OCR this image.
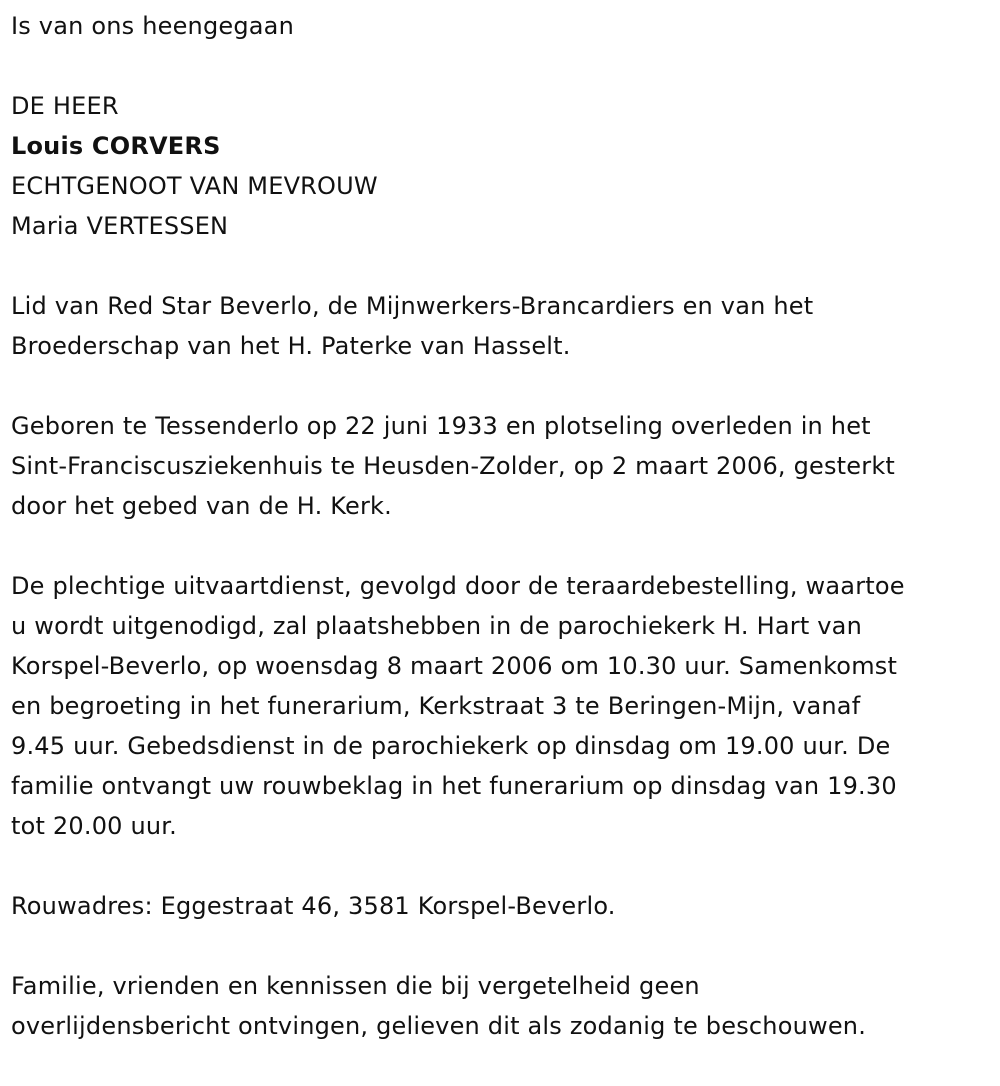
Is van ons heengegaan

DE HEER

Louis CORVERS

ECHTGENOOT VAN MEVROUW

Maria VERTESSEN

Lid van Red Star Beverlo, de Mijnwerkers-Brancardiers en van het

Broederschap van het H. Paterke van Hasselt.

Geboren te Tessenderlo op 22 juni 1933 en plotseling overleden in het

Sint-Franciscusziekenhuis te Heusden-Zolder, op 2 maart 2006, gesterkt

door het gebed van de H. Kerk.

De plechtige uitvaartdienst, gevolgd door de teraardebestelling, waartoe

u wordt uitgenodigd, zal plaatshebben in de parochiekerk H. Hart van

Korspel-Beverlo, op woensdag 8 maart 2006 om 10.30 uur. Samenkomst

en begroeting in het funerarium, Kerkstraat 3 te Beringen-Mijn, vanaf

9.45 uur. Gebedsdienst in de parochiekerk op dinsdag om 19.00 uur. De

familie ontvangt uw rouwbeklag in het funerarium op dinsdag van 19.30

tot 20.00 uur.

Rouwadres: Eggestraat 46, 3581 Korspel-Beverlo.

Familie, vrienden en kennissen die bij vergetelheid geen

overlijdensbericht ontvingen, gelieven dit als zodanig te beschouwen.
